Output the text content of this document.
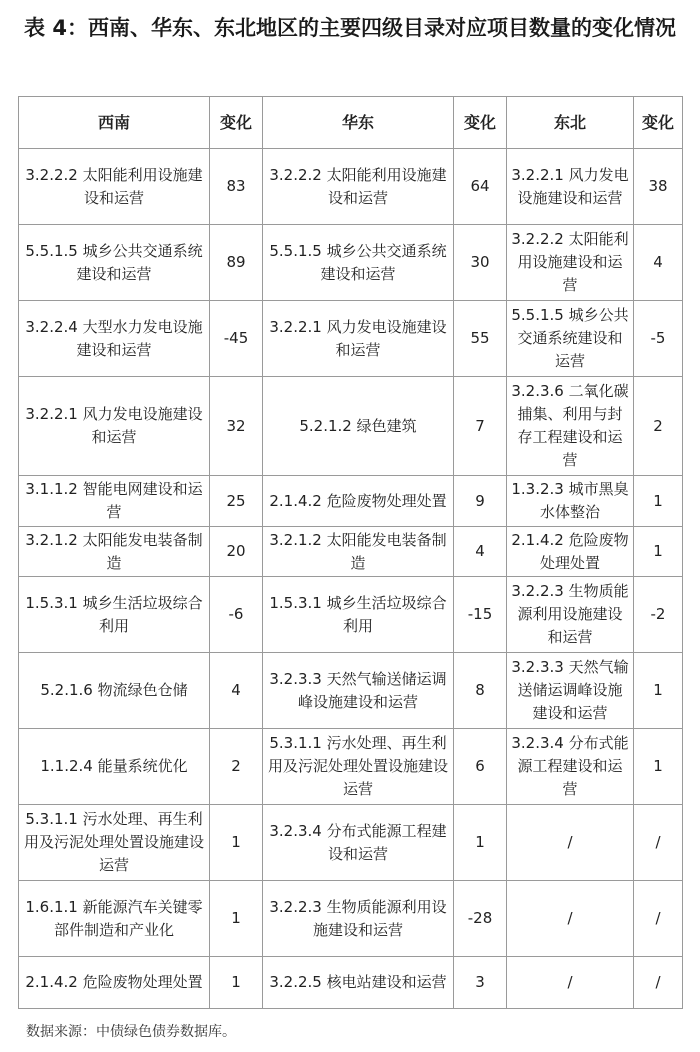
表 4：西南、华东、东北地区的主要四级目录对应项目数量的变化情况
西南	变化	华东	变化	东北	变化
3.2.2.2 太阳能利用设施建设和运营	83	3.2.2.2 太阳能利用设施建设和运营	64	3.2.2.1 风力发电设施建设和运营	38
5.5.1.5 城乡公共交通系统建设和运营	89	5.5.1.5 城乡公共交通系统建设和运营	30	3.2.2.2 太阳能利用设施建设和运营	4
3.2.2.4 大型水力发电设施建设和运营	-45	3.2.2.1 风力发电设施建设和运营	55	5.5.1.5 城乡公共交通系统建设和运营	-5
3.2.2.1 风力发电设施建设和运营	32	5.2.1.2 绿色建筑	7	3.2.3.6 二氧化碳捕集、利用与封存工程建设和运营	2
3.1.1.2 智能电网建设和运营	25	2.1.4.2 危险废物处理处置	9	1.3.2.3 城市黑臭水体整治	1
3.2.1.2 太阳能发电装备制造	20	3.2.1.2 太阳能发电装备制造	4	2.1.4.2 危险废物处理处置	1
1.5.3.1 城乡生活垃圾综合利用	-6	1.5.3.1 城乡生活垃圾综合利用	-15	3.2.2.3 生物质能源利用设施建设和运营	-2
5.2.1.6 物流绿色仓储	4	3.2.3.3 天然气输送储运调峰设施建设和运营	8	3.2.3.3 天然气输送储运调峰设施建设和运营	1
1.1.2.4 能量系统优化	2	5.3.1.1 污水处理、再生利用及污泥处理处置设施建设运营	6	3.2.3.4 分布式能源工程建设和运营	1
5.3.1.1 污水处理、再生利用及污泥处理处置设施建设运营	1	3.2.3.4 分布式能源工程建设和运营	1	/	/
1.6.1.1 新能源汽车关键零部件制造和产业化	1	3.2.2.3 生物质能源利用设施建设和运营	-28	/	/
2.1.4.2 危险废物处理处置	1	3.2.2.5 核电站建设和运营	3	/	/
数据来源：中债绿色债券数据库。
